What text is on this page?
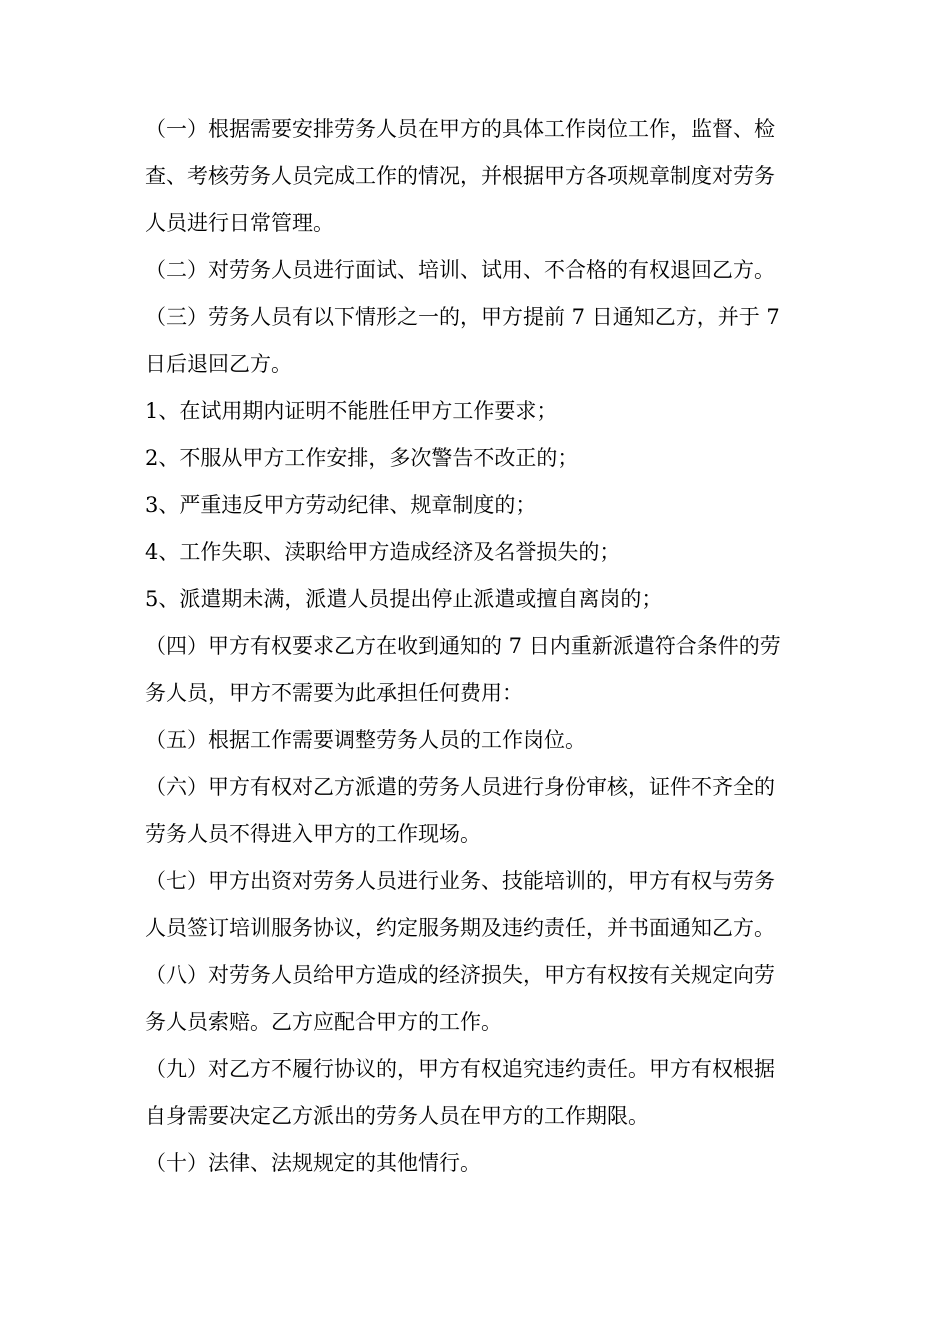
（一）根据需要安排劳务人员在甲方的具体工作岗位工作，监督、检
查、考核劳务人员完成工作的情况，并根据甲方各项规章制度对劳务
人员进行日常管理。
（二）对劳务人员进行面试、培训、试用、不合格的有权退回乙方。
（三）劳务人员有以下情形之一的，甲方提前 7 日通知乙方，并于 7
日后退回乙方。
1、在试用期内证明不能胜任甲方工作要求；
2、不服从甲方工作安排，多次警告不改正的；
3、严重违反甲方劳动纪律、规章制度的；
4、工作失职、渎职给甲方造成经济及名誉损失的；
5、派遣期未满，派遣人员提出停止派遣或擅自离岗的；
（四）甲方有权要求乙方在收到通知的 7 日内重新派遣符合条件的劳
务人员，甲方不需要为此承担任何费用：
（五）根据工作需要调整劳务人员的工作岗位。
（六）甲方有权对乙方派遣的劳务人员进行身份审核，证件不齐全的
劳务人员不得进入甲方的工作现场。
（七）甲方出资对劳务人员进行业务、技能培训的，甲方有权与劳务
人员签订培训服务协议，约定服务期及违约责任，并书面通知乙方。
（八）对劳务人员给甲方造成的经济损失，甲方有权按有关规定向劳
务人员索赔。乙方应配合甲方的工作。
（九）对乙方不履行协议的，甲方有权追究违约责任。甲方有权根据
自身需要决定乙方派出的劳务人员在甲方的工作期限。
（十）法律、法规规定的其他情行。
